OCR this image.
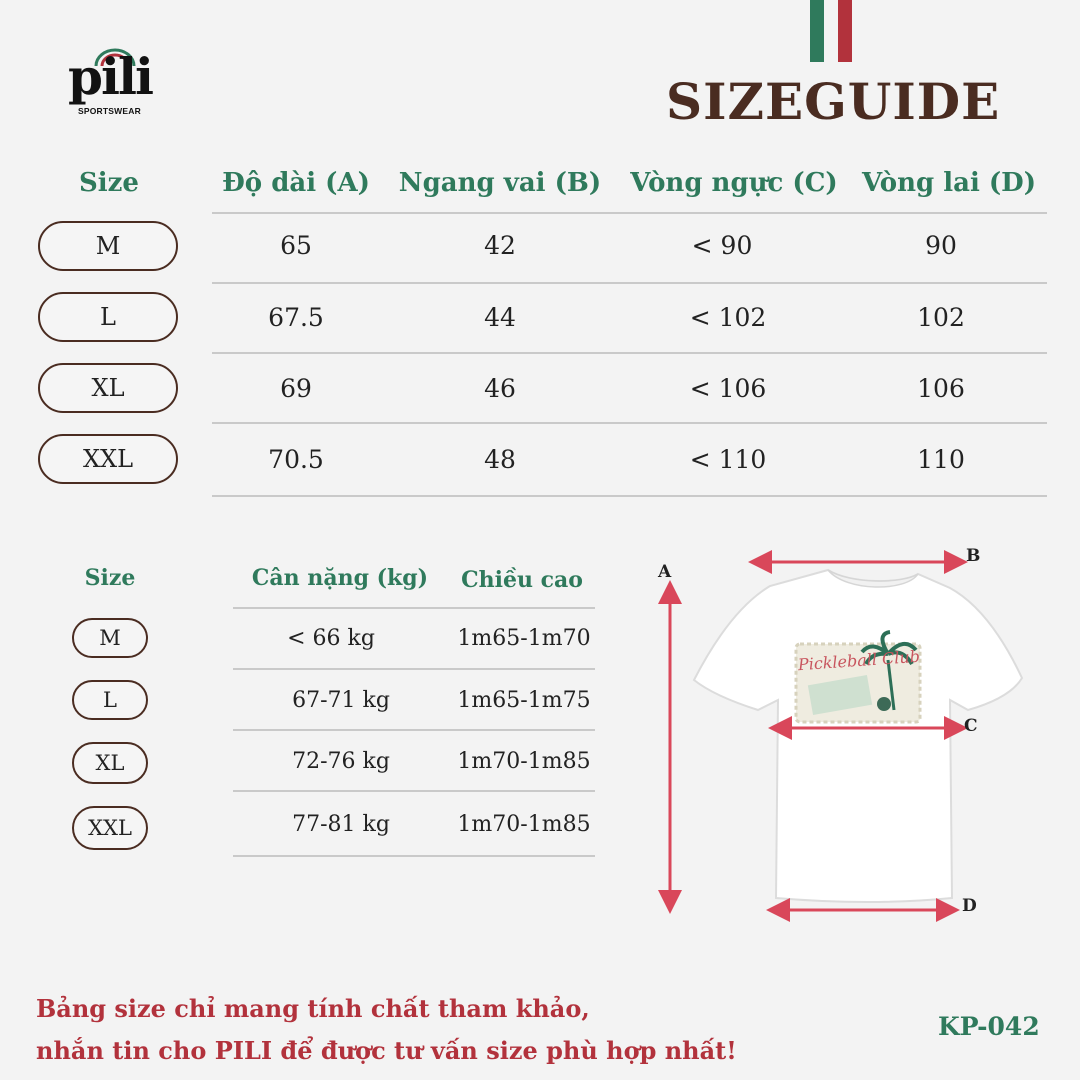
pili
SPORTSWEAR	SIZEGUIDE
Size	Độ dài (A) Ngang vai (B) Vòng ngực (C) Vòng lai (D)
M	65	42	< 90	90
L	67.5	44	< 102	102
XL	69	46	< 106	106
XXL	70.5	48	< 110	110
Size	Cân nặng (kg) Chiều cao
M	< 66 kg	1m65-1m70
L	67-71 kg	1m65-1m75
XL	72-76 kg	1m70-1m85
XXL	77-81 kg	1m70-1m85
Pickleball Club
A
B
C
D
Bảng size chỉ mang tính chất tham khảo,
nhắn tin cho PILI để được tư vấn size phù hợp nhất!
KP-042
